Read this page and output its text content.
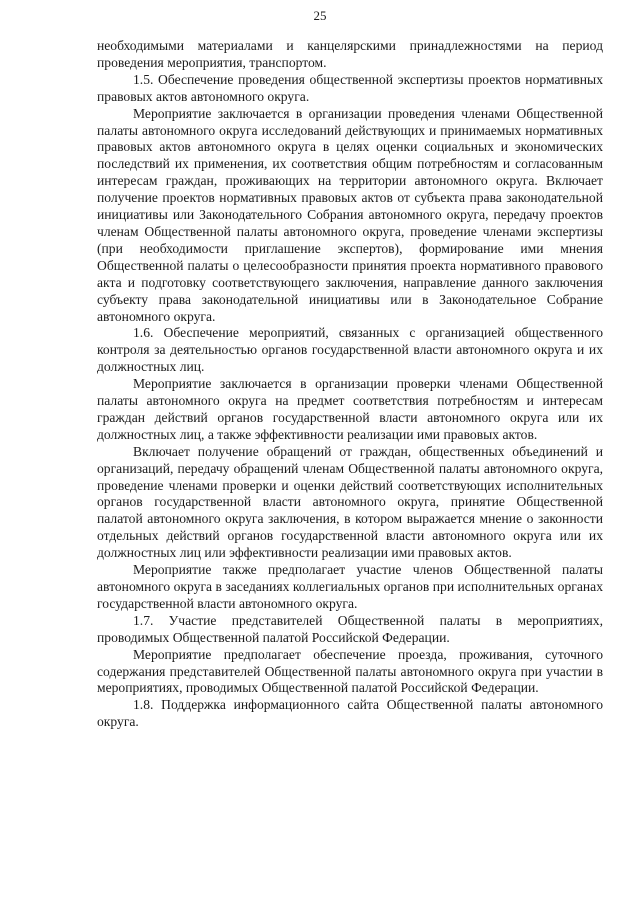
25

необходимыми материалами и канцелярскими принадлежностями на период проведения мероприятия, транспортом.

1.5. Обеспечение проведения общественной экспертизы проектов нормативных правовых актов автономного округа.

Мероприятие заключается в организации проведения членами Общественной палаты автономного округа исследований действующих и принимаемых нормативных правовых актов автономного округа в целях оценки социальных и экономических последствий их применения, их соответствия общим потребностям и согласованным интересам граждан, проживающих на территории автономного округа. Включает получение проектов нормативных правовых актов от субъекта права законодательной инициативы или Законодательного Собрания автономного округа, передачу проектов членам Общественной палаты автономного округа, проведение членами экспертизы (при необходимости приглашение экспертов), формирование ими мнения Общественной палаты о целесообразности принятия проекта нормативного правового акта и подготовку соответствующего заключения, направление данного заключения субъекту права законодательной инициативы или в Законодательное Собрание автономного округа.

1.6. Обеспечение мероприятий, связанных с организацией общественного контроля за деятельностью органов государственной власти автономного округа и их должностных лиц.

Мероприятие заключается в организации проверки членами Общественной палаты автономного округа на предмет соответствия потребностям и интересам граждан действий органов государственной власти автономного округа или их должностных лиц, а также эффективности реализации ими правовых актов.

Включает получение обращений от граждан, общественных объединений и организаций, передачу обращений членам Общественной палаты автономного округа, проведение членами проверки и оценки действий соответствующих исполнительных органов государственной власти автономного округа, принятие Общественной палатой автономного округа заключения, в котором выражается мнение о законности отдельных действий органов государственной власти автономного округа или их должностных лиц или эффективности реализации ими правовых актов.

Мероприятие также предполагает участие членов Общественной палаты автономного округа в заседаниях коллегиальных органов при исполнительных органах государственной власти автономного округа.

1.7. Участие представителей Общественной палаты в мероприятиях, проводимых Общественной палатой Российской Федерации.

Мероприятие предполагает обеспечение проезда, проживания, суточного содержания представителей Общественной палаты автономного округа при участии в мероприятиях, проводимых Общественной палатой Российской Федерации.

1.8. Поддержка информационного сайта Общественной палаты автономного округа.
